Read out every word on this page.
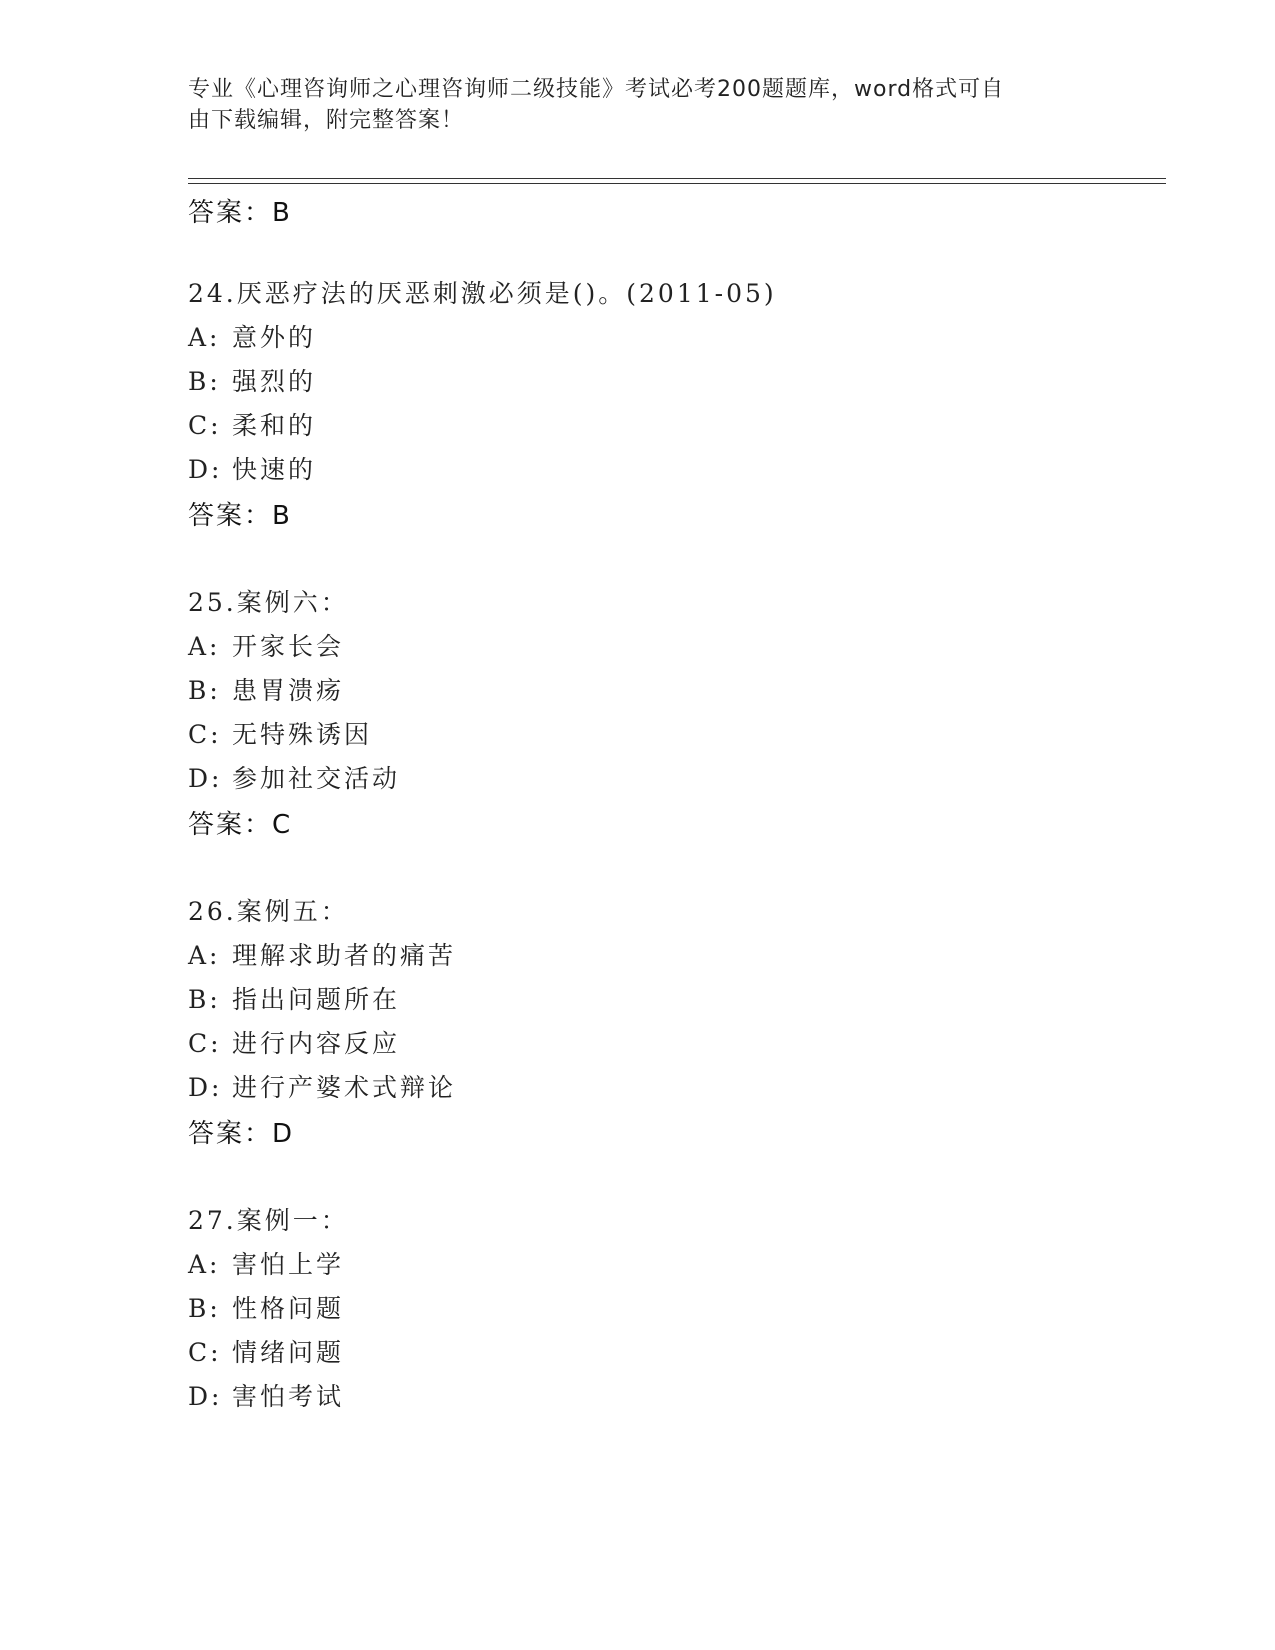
专业《心理咨询师之心理咨询师二级技能》考试必考200题题库，word格式可自
由下载编辑，附完整答案！
答案：B
24.厌恶疗法的厌恶刺激必须是()。(2011-05)
A: 意外的
B: 强烈的
C: 柔和的
D: 快速的
答案：B
25.案例六：
A: 开家长会
B: 患胃溃疡
C: 无特殊诱因
D: 参加社交活动
答案：C
26.案例五：
A: 理解求助者的痛苦
B: 指出问题所在
C: 进行内容反应
D: 进行产婆术式辩论
答案：D
27.案例一：
A: 害怕上学
B: 性格问题
C: 情绪问题
D: 害怕考试
